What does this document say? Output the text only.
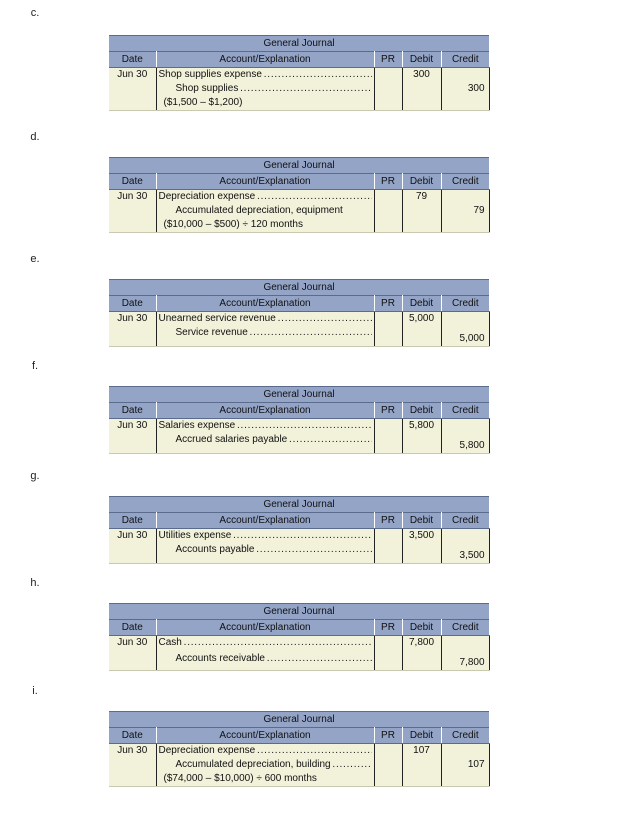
c.
General Journal				
Date	Account/Explanation	PR	Debit	Credit
Jun 30	Shop supplies expense . . .		300	

	Shop supplies . . .			300
	($1,500 – $1,200)			
d.
General Journal				
Date	Account/Explanation	PR	Debit	Credit
Jun 30	Depreciation expense . . .		79	
	Accumulated depreciation, equipment			79
	($10,000 – $500) ÷ 120 months			
e.
General Journal				
Date	Account/Explanation	PR	Debit	Credit
Jun 30	Unearned service revenue . . .		5,000	

	Service revenue . . .			5,000
f.
General Journal				
Date	Account/Explanation	PR	Debit	Credit
Jun 30	Salaries expense . . .		5,800	

	Accrued salaries payable . . .			5,800
g.
General Journal				
Date	Account/Explanation	PR	Debit	Credit
Jun 30	Utilities expense . . .		3,500	

	Accounts payable . . .			3,500
h.
General Journal				
Date	Account/Explanation	PR	Debit	Credit
Jun 30	Cash . . .		7,800	

	Accounts receivable . . .			7,800
i.
General Journal				
Date	Account/Explanation	PR	Debit	Credit
Jun 30	Depreciation expense . . .		107	

	Accumulated depreciation, building . . .			107
	($74,000 – $10,000) ÷ 600 months			
